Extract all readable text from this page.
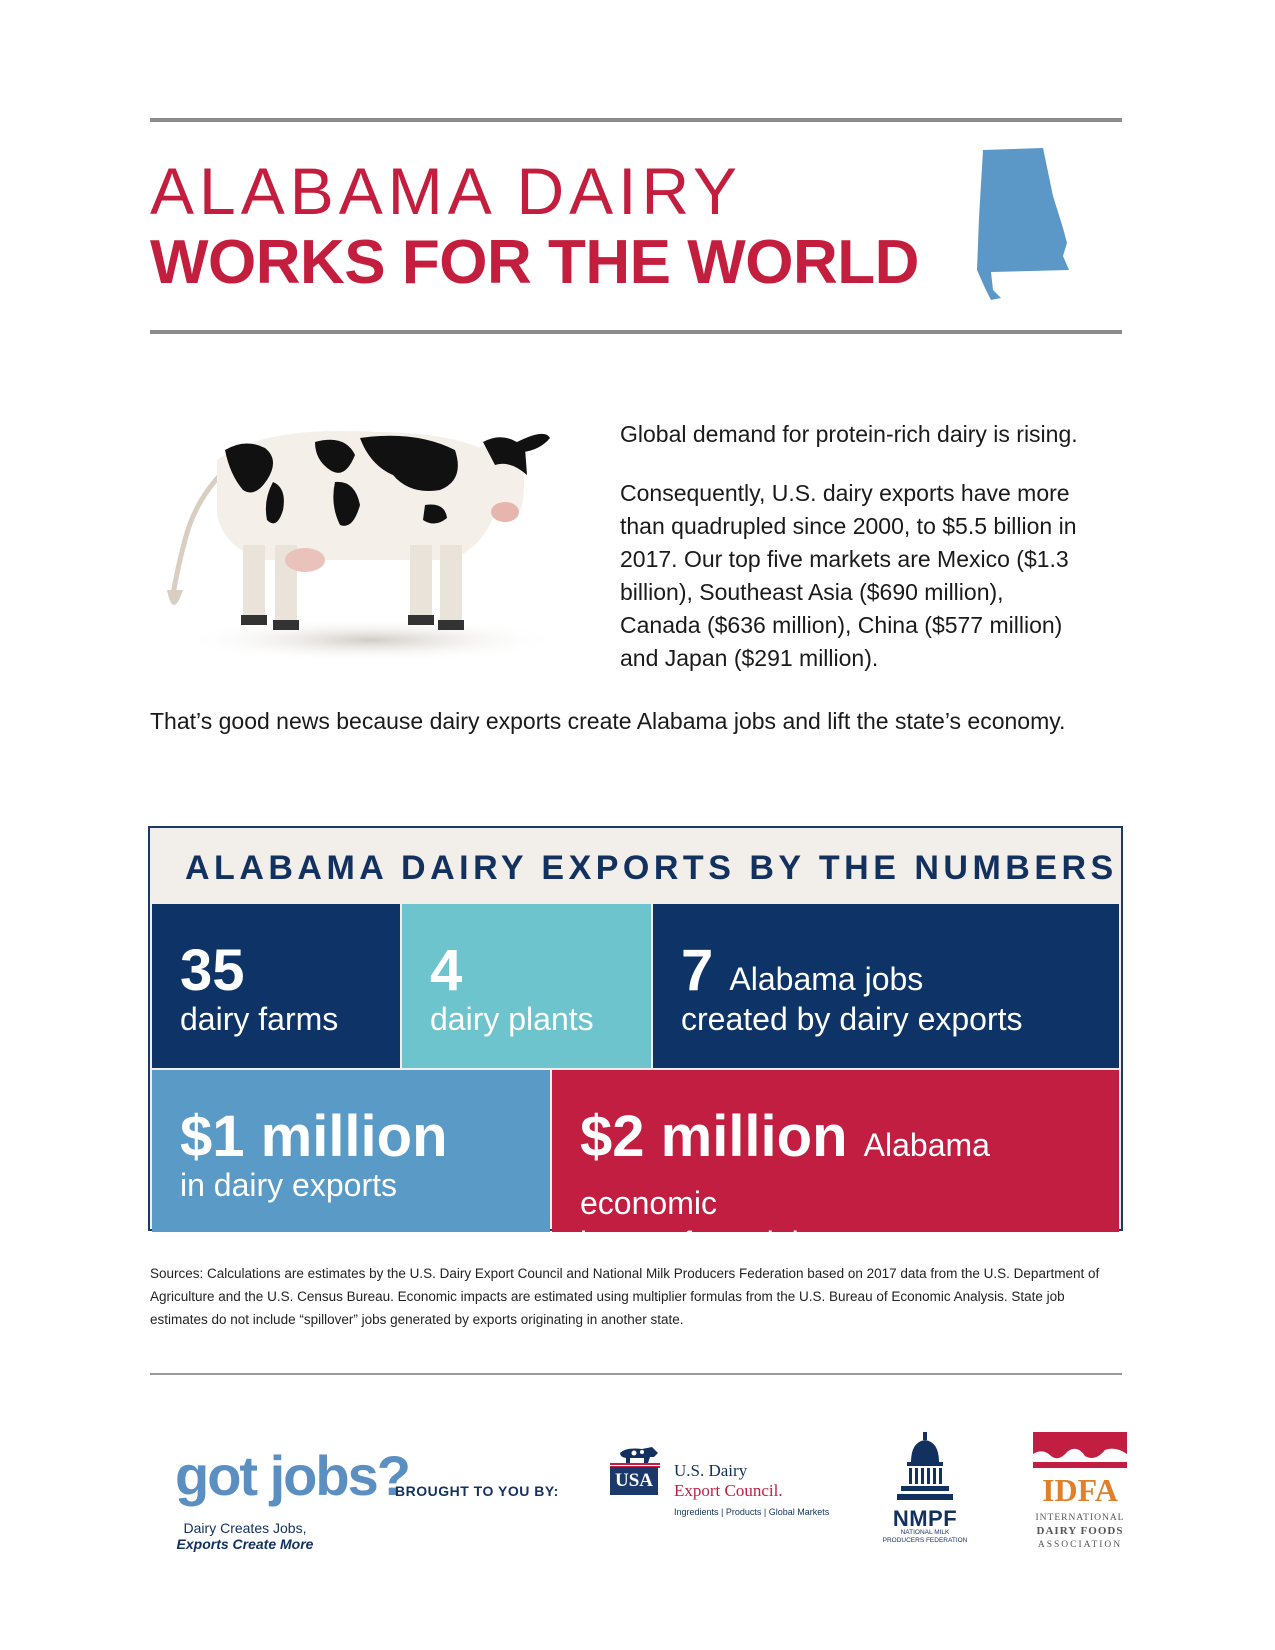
ALABAMA DAIRY
WORKS FOR THE WORLD

Global demand for protein-rich dairy is rising.

Consequently, U.S. dairy exports have more than quadrupled since 2000, to $5.5 billion in 2017. Our top five markets are Mexico ($1.3 billion), Southeast Asia ($690 million), Canada ($636 million), China ($577 million) and Japan ($291 million).

That’s good news because dairy exports create Alabama jobs and lift the state’s economy.
ALABAMA DAIRY EXPORTS BY THE NUMBERS
35
dairy farms
4
dairy plants
7 Alabama jobs
created by dairy exports
$1 million
in dairy exports
$2 million Alabama economic
impact from dairy exports
Sources: Calculations are estimates by the U.S. Dairy Export Council and National Milk Producers Federation based on 2017 data from the U.S. Department of Agriculture and the U.S. Census Bureau. Economic impacts are estimated using multiplier formulas from the U.S. Bureau of Economic Analysis. State job estimates do not include “spillover” jobs generated by exports originating in another state.
got jobs?
Dairy Creates Jobs,
Exports Create More
BROUGHT TO YOU BY:	USA U.S. Dairy
Export Council.
Ingredients | Products | Global Markets	NMPF
NATIONAL MILK PRODUCERS FEDERATION
IDFA
INTERNATIONAL
DAIRY FOODS
ASSOCIATION
